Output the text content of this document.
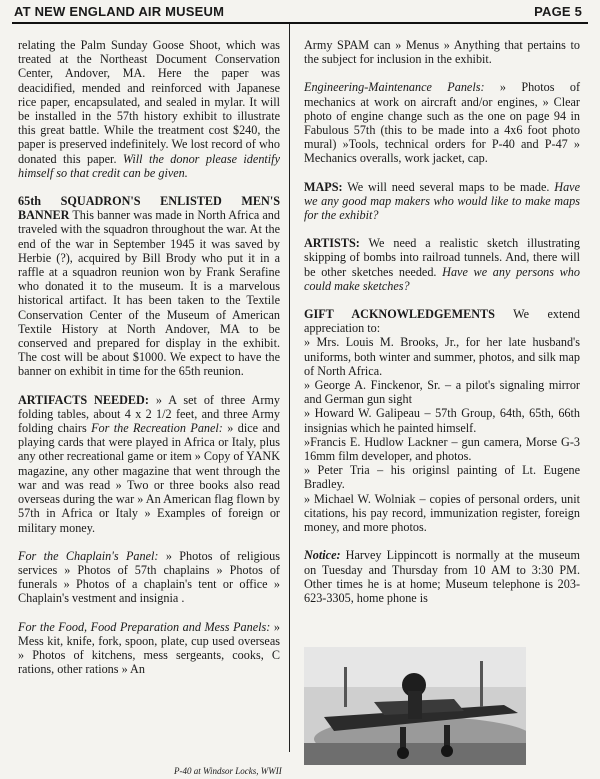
AT NEW ENGLAND AIR MUSEUM	PAGE 5

relating the Palm Sunday Goose Shoot, which was treated at the Northeast Document Conservation Center, Andover, MA. Here the paper was deacidified, mended and reinforced with Japanese rice paper, encapsulated, and sealed in mylar. It will be installed in the 57th history exhibit to illustrate this great battle. While the treatment cost $240, the paper is preserved indefinitely. We lost record of who donated this paper. Will the donor please identify himself so that credit can be given.

65th SQUADRON'S ENLISTED MEN'S BANNER This banner was made in North Africa and traveled with the squadron throughout the war. At the end of the war in September 1945 it was saved by Herbie (?), acquired by Bill Brody who put it in a raffle at a squadron reunion won by Frank Serafine who donated it to the museum. It is a marvelous historical artifact. It has been taken to the Textile Conservation Center of the Museum of American Textile History at North Andover, MA to be conserved and prepared for display in the exhibit. The cost will be about $1000. We expect to have the banner on exhibit in time for the 65th reunion.

ARTIFACTS NEEDED: » A set of three Army folding tables, about 4 x 2 1/2 feet, and three Army folding chairs For the Recreation Panel: » dice and playing cards that were played in Africa or Italy, plus any other recreational game or item » Copy of YANK magazine, any other magazine that went through the war and was read » Two or three books also read overseas during the war » An American flag flown by 57th in Africa or Italy » Examples of foreign or military money.

For the Chaplain's Panel: » Photos of religious services » Photos of 57th chaplains » Photos of funerals » Photos of a chaplain's tent or office » Chaplain's vestment and insignia .

For the Food, Food Preparation and Mess Panels: » Mess kit, knife, fork, spoon, plate, cup used overseas » Photos of kitchens, mess sergeants, cooks, C rations, other rations » An

Army SPAM can » Menus » Anything that pertains to the subject for inclusion in the exhibit.

Engineering-Maintenance Panels: » Photos of mechanics at work on aircraft and/or engines, » Clear photo of engine change such as the one on page 94 in Fabulous 57th (this to be made into a 4x6 foot photo mural) »Tools, technical orders for P-40 and P-47 » Mechanics overalls, work jacket, cap.

MAPS: We will need several maps to be made. Have we any good map makers who would like to make maps for the exhibit?

ARTISTS: We need a realistic sketch illustrating skipping of bombs into railroad tunnels. And, there will be other sketches needed. Have we any persons who could make sketches?

GIFT ACKNOWLEDGEMENTS We extend appreciation to:
» Mrs. Louis M. Brooks, Jr., for her late husband's uniforms, both winter and summer, photos, and silk map of North Africa.
» George A. Finckenor, Sr. – a pilot's signaling mirror and German gun sight
» Howard W. Galipeau – 57th Group, 64th, 65th, 66th insignias which he painted himself.
»Francis E. Hudlow Lackner – gun camera, Morse G-3 16mm film developer, and photos.
» Peter Tria – his originsl painting of Lt. Eugene Bradley.
» Michael W. Wolniak – copies of personal orders, unit citations, his pay record, immunization register, foreign money, and more photos.

Notice: Harvey Lippincott is normally at the museum on Tuesday and Thursday from 10 AM to 3:30 PM. Other times he is at home; Museum telephone is 203-623-3305, home phone is

P-40 at Windsor Locks, WWII
